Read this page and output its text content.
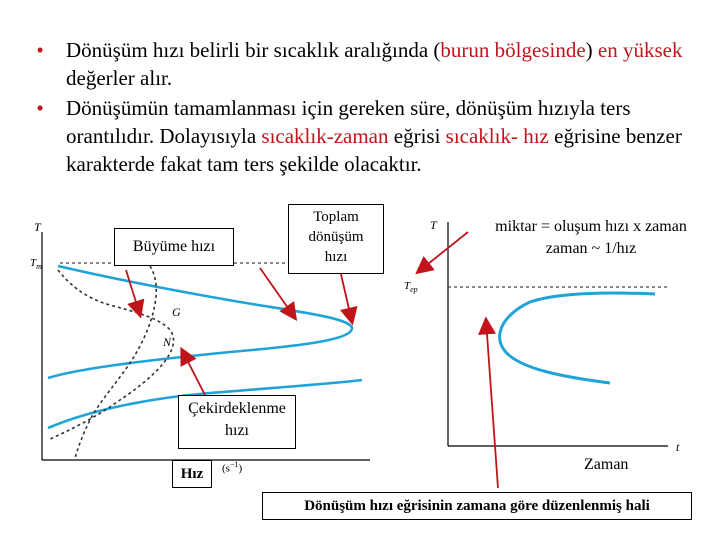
•	Dönüşüm hızı belirli bir sıcaklık aralığında (burun bölgesinde) en yüksek değerler alır.
•	Dönüşümün tamamlanması için gereken süre, dönüşüm hızıyla ters orantılıdır. Dolayısıyla sıcaklık-zaman eğrisi sıcaklık- hız eğrisine benzer karakterde fakat tam ters şekilde olacaktır.
T
$T_m$
G
N
$(s^{-1})$
T
$T_{ep}$
t
Büyüme hızı
Toplam
dönüşüm
hızı
miktar = oluşum hızı x zaman
zaman ~ 1/hız
Çekirdeklenme
hızı
Hız
Zaman
Dönüşüm hızı eğrisinin zamana göre düzenlenmiş hali
